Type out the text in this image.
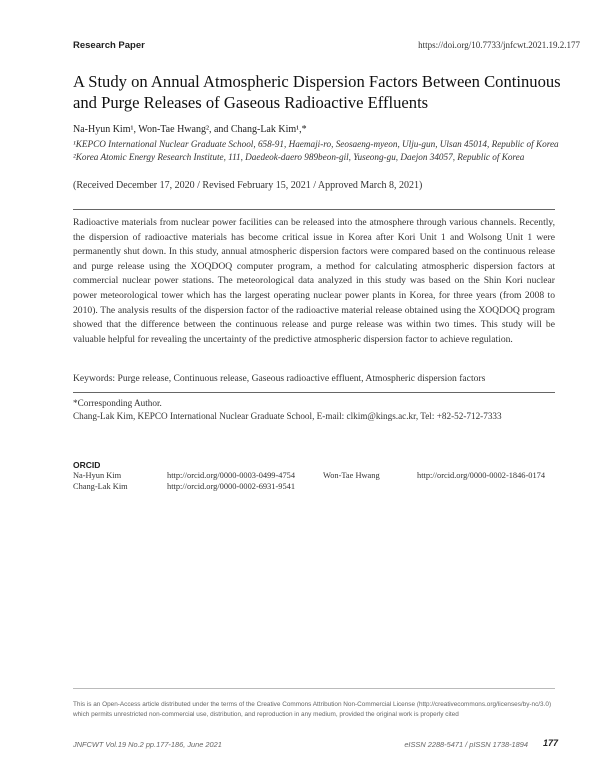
Research Paper	https://doi.org/10.7733/jnfcwt.2021.19.2.177
A Study on Annual Atmospheric Dispersion Factors Between Continuous and Purge Releases of Gaseous Radioactive Effluents
Na-Hyun Kim¹, Won-Tae Hwang², and Chang-Lak Kim¹,*
¹KEPCO International Nuclear Graduate School, 658-91, Haemaji-ro, Seosaeng-myeon, Ulju-gun, Ulsan 45014, Republic of Korea
²Korea Atomic Energy Research Institute, 111, Daedeok-daero 989beon-gil, Yuseong-gu, Daejon 34057, Republic of Korea
(Received December 17, 2020 / Revised February 15, 2021 / Approved March 8, 2021)
Radioactive materials from nuclear power facilities can be released into the atmosphere through various channels. Recently, the dispersion of radioactive materials has become critical issue in Korea after Kori Unit 1 and Wolsong Unit 1 were permanently shut down. In this study, annual atmospheric dispersion factors were compared based on the continuous release and purge release using the XOQDOQ computer program, a method for calculating atmospheric dispersion factors at commercial nuclear power stations. The meteorological data analyzed in this study was based on the Shin Kori nuclear power meteorological tower which has the largest operating nuclear power plants in Korea, for three years (from 2008 to 2010). The analysis results of the dispersion factor of the radioactive material release obtained using the XOQDOQ program showed that the difference between the continuous release and purge release was within two times. This study will be valuable helpful for revealing the uncertainty of the predictive atmospheric dispersion factor to achieve regulation.
Keywords: Purge release, Continuous release, Gaseous radioactive effluent, Atmospheric dispersion factors
*Corresponding Author.
Chang-Lak Kim, KEPCO International Nuclear Graduate School, E-mail: clkim@kings.ac.kr, Tel: +82-52-712-7333
ORCID
Na-Hyun Kim	http://orcid.org/0000-0003-0499-4754	Won-Tae Hwang	http://orcid.org/0000-0002-1846-0174
Chang-Lak Kim	http://orcid.org/0000-0002-6931-9541
This is an Open-Access article distributed under the terms of the Creative Commons Attribution Non-Commercial License (http://creativecommons.org/licenses/by-nc/3.0) which permits unrestricted non-commercial use, distribution, and reproduction in any medium, provided the original work is properly cited
JNFCWT Vol.19 No.2 pp.177-186, June 2021	eISSN 2288-5471 / pISSN 1738-1894 177
